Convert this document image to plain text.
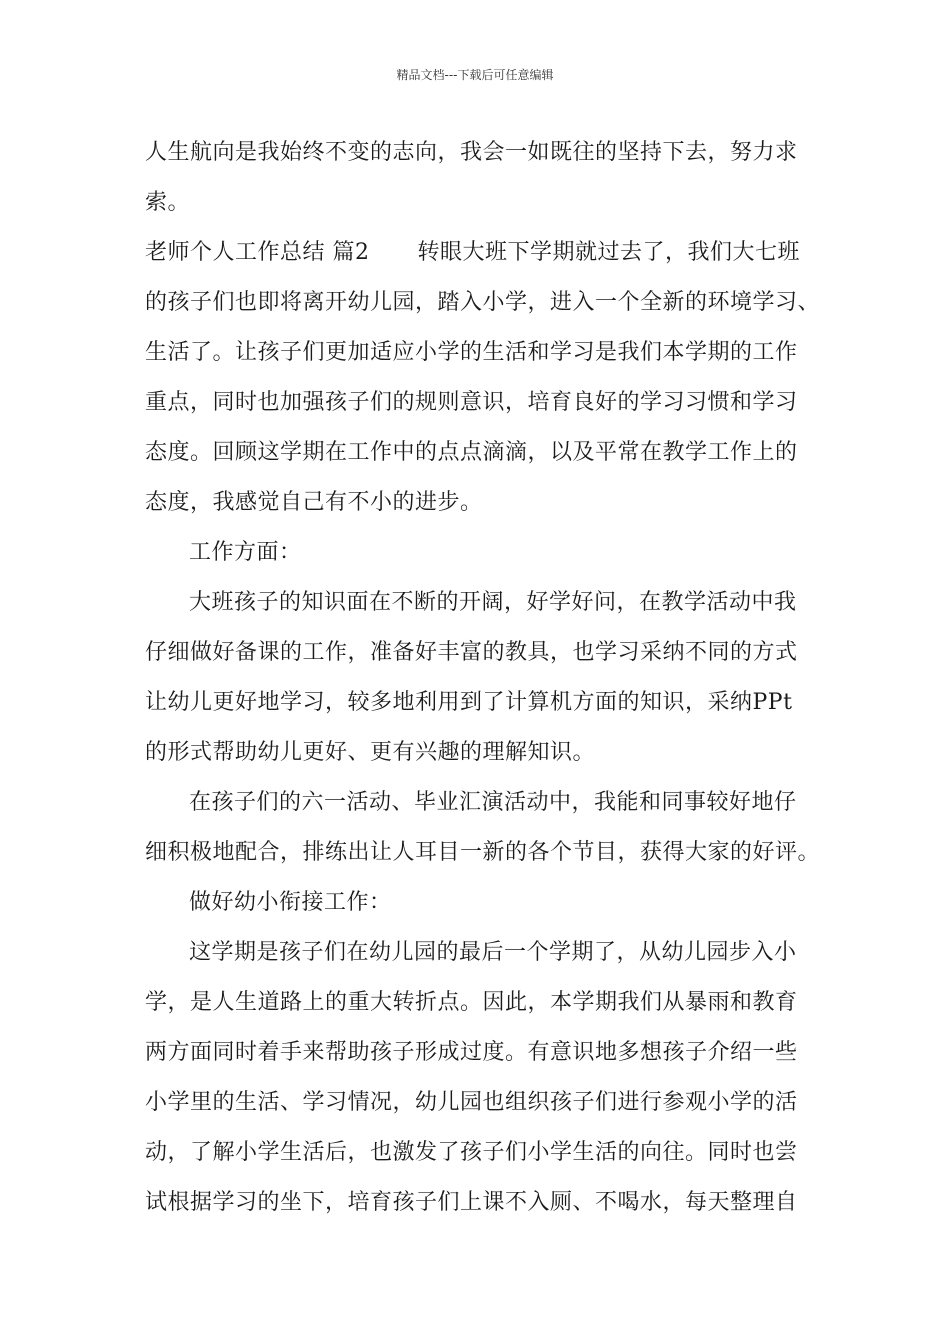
精品文档---下载后可任意编辑
人生航向是我始终不变的志向，我会一如既往的坚持下去，努力求
索。
老师个人工作总结 篇2 转眼大班下学期就过去了，我们大七班
的孩子们也即将离开幼儿园，踏入小学，进入一个全新的环境学习、
生活了。让孩子们更加适应小学的生活和学习是我们本学期的工作
重点，同时也加强孩子们的规则意识，培育良好的学习习惯和学习
态度。回顾这学期在工作中的点点滴滴，以及平常在教学工作上的
态度，我感觉自己有不小的进步。
工作方面：
大班孩子的知识面在不断的开阔，好学好问，在教学活动中我
仔细做好备课的工作，准备好丰富的教具，也学习采纳不同的方式
让幼儿更好地学习，较多地利用到了计算机方面的知识，采纳PPt
的形式帮助幼儿更好、更有兴趣的理解知识。
在孩子们的六一活动、毕业汇演活动中，我能和同事较好地仔
细积极地配合，排练出让人耳目一新的各个节目，获得大家的好评。
做好幼小衔接工作：
这学期是孩子们在幼儿园的最后一个学期了，从幼儿园步入小
学，是人生道路上的重大转折点。因此，本学期我们从暴雨和教育
两方面同时着手来帮助孩子形成过度。有意识地多想孩子介绍一些
小学里的生活、学习情况，幼儿园也组织孩子们进行参观小学的活
动，了解小学生活后，也激发了孩子们小学生活的向往。同时也尝
试根据学习的坐下，培育孩子们上课不入厕、不喝水，每天整理自
